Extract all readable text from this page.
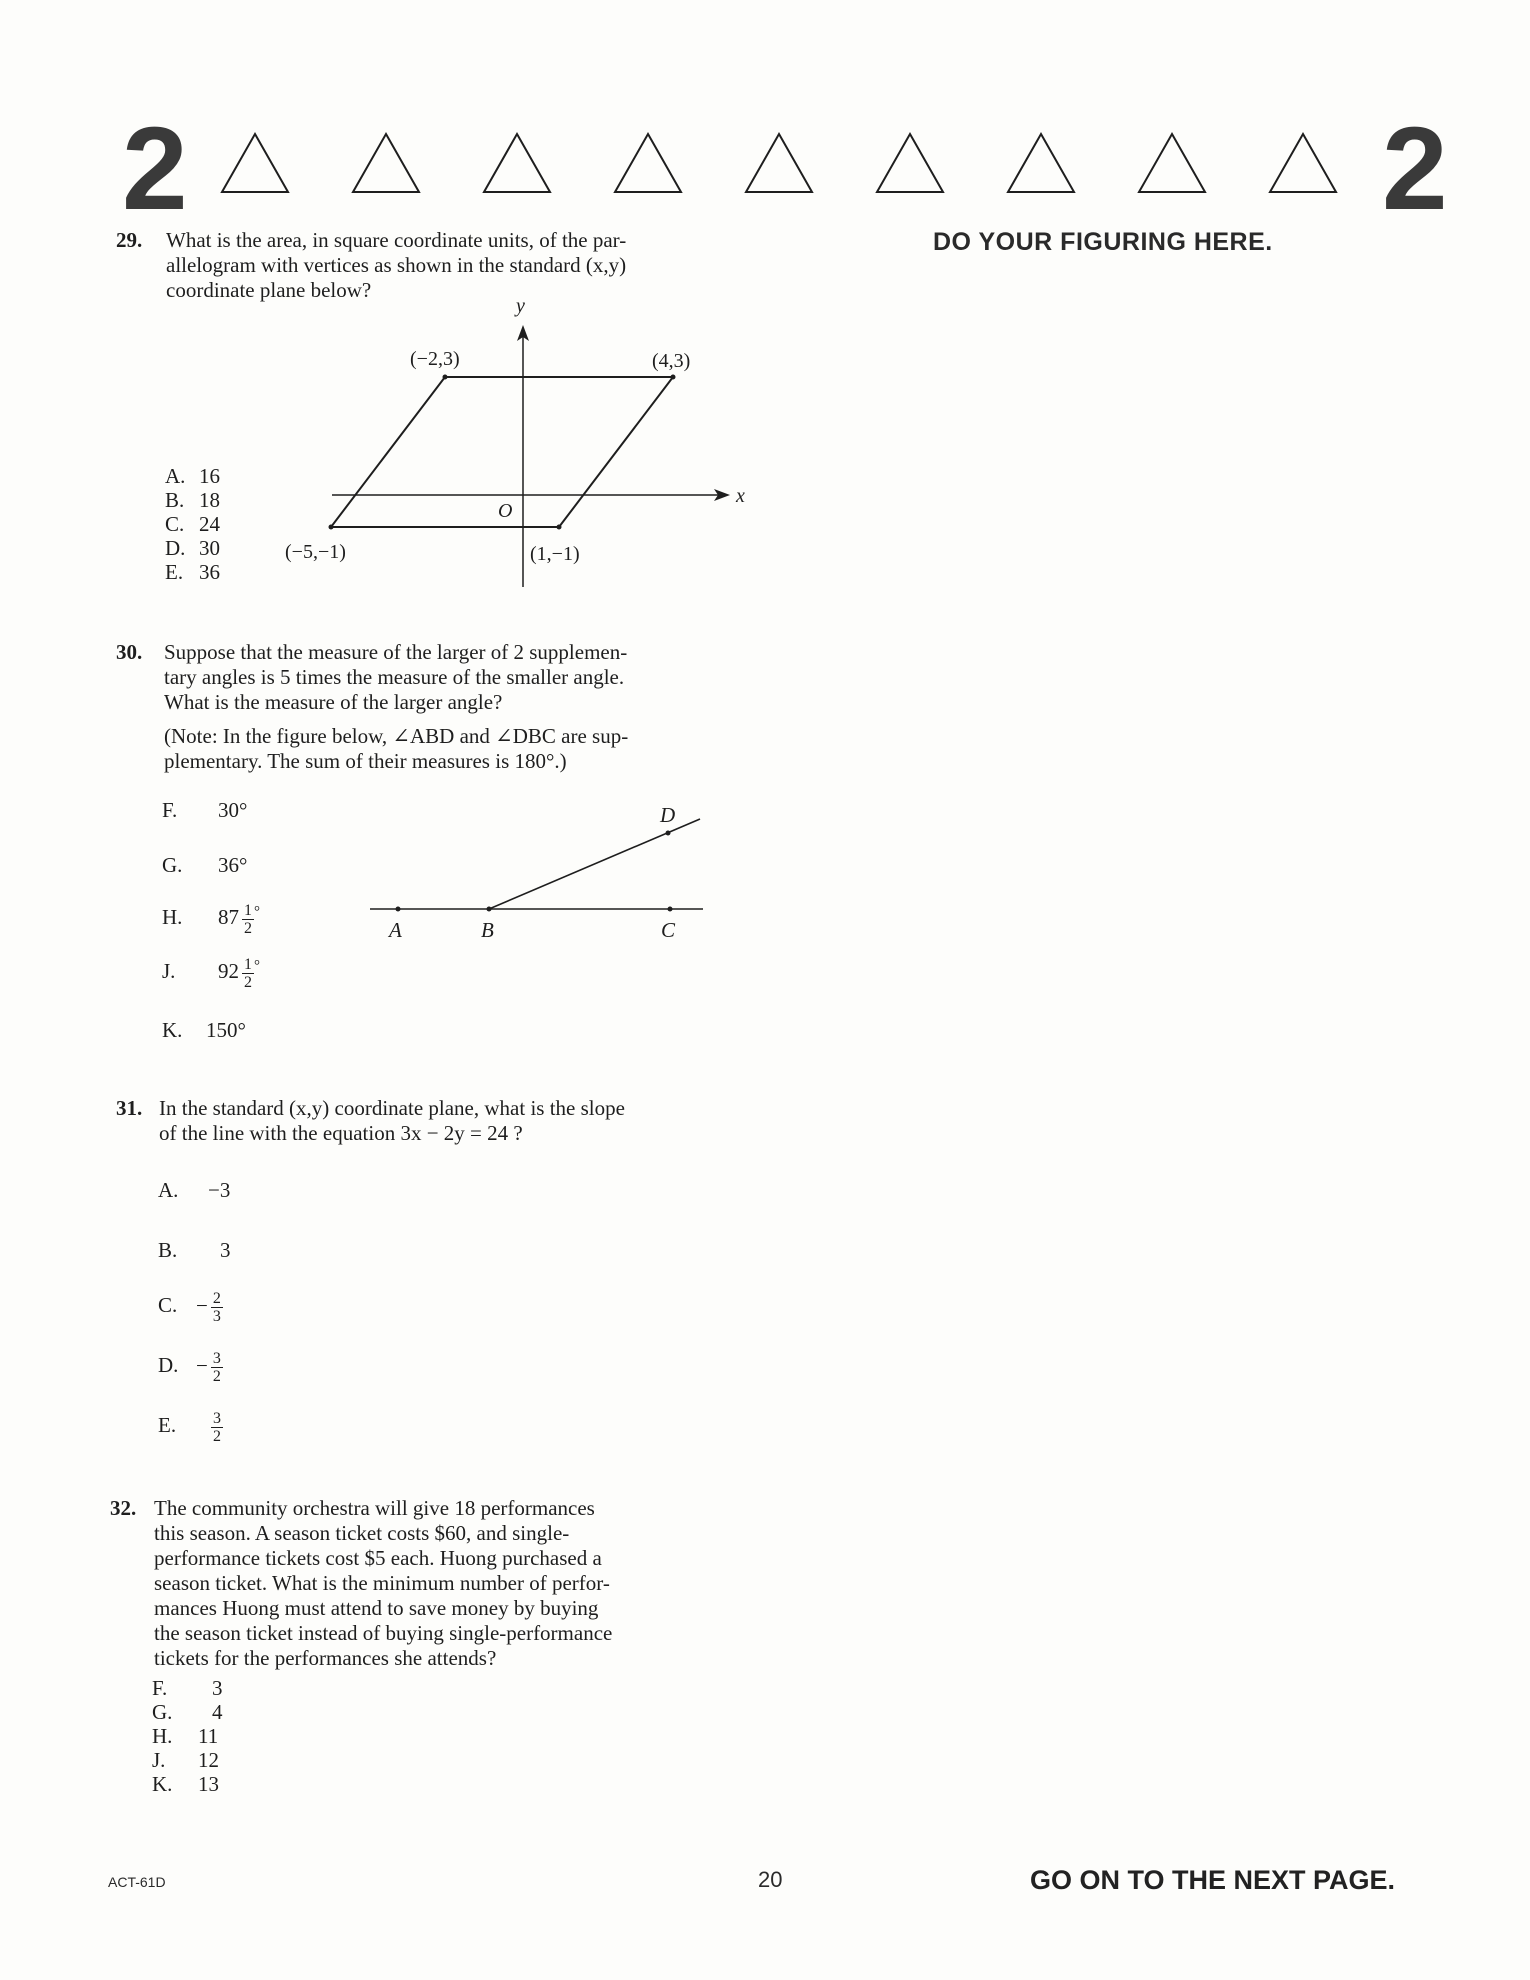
2	2
DO YOUR FIGURING HERE.
29. What is the area, in square coordinate units, of the par-
allelogram with vertices as shown in the standard (x,y)
coordinate plane below?
y
x
O
(−2,3)	(4,3)
(1,−1)
(−5,−1)
A. 16
B. 18
C. 24
D. 30
E. 36
30. Suppose that the measure of the larger of 2 supplemen-
tary angles is 5 times the measure of the smaller angle.
What is the measure of the larger angle?
(Note: In the figure below, ∠ABD and ∠DBC are sup-
plementary. The sum of their measures is 180°.)
A	B	C
D
F. 30°
G. 36°
H. $87 \frac{1}{2} ^\circ$
J. $92 \frac{1}{2} ^\circ$
K. 150°
31. In the standard (x,y) coordinate plane, what is the slope
of the line with the equation 3x − 2y = 24 ?
A. −3
B. 3
C. − $\frac{2}{3}$
D. − $\frac{3}{2}$
E. $\frac{3}{2}$
32. The community orchestra will give 18 performances
this season. A season ticket costs $60, and single-
performance tickets cost $5 each. Huong purchased a
season ticket. What is the minimum number of perfor-
mances Huong must attend to save money by buying
the season ticket instead of buying single-performance
tickets for the performances she attends?
F. 3
G. 4
H. 11
J. 12
K. 13
ACT-61D	20	GO ON TO THE NEXT PAGE.
